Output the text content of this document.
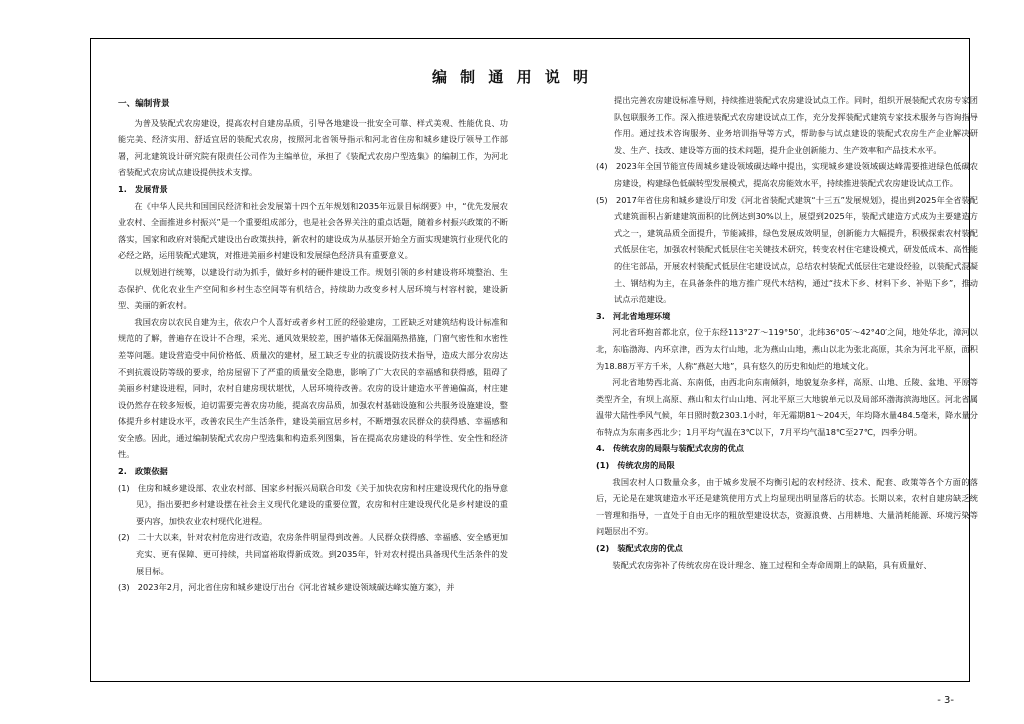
编 制 通 用 说 明

一、编制背景

为普及装配式农房建设，提高农村自建房品质，引导各地建设一批安全可靠、样式美观、性能优良、功能完美、经济实用、舒适宜居的装配式农房，按照河北省领导指示和河北省住房和城乡建设厅领导工作部署，河北建筑设计研究院有限责任公司作为主编单位，承担了《装配式农房户型选集》的编制工作，为河北省装配式农房试点建设提供技术支撑。

1.　发展背景

在《中华人民共和国国民经济和社会发展第十四个五年规划和2035年远景目标纲要》中，“优先发展农业农村、全面推进乡村振兴”是一个重要组成部分，也是社会各界关注的重点话题，随着乡村振兴政策的不断落实，国家和政府对装配式建设出台政策扶持，新农村的建设成为从基层开始全方面实现建筑行业现代化的必经之路，运用装配式建筑，对推进美丽乡村建设和发展绿色经济具有重要意义。

以规划进行统筹，以建设行动为抓手，做好乡村的硬件建设工作。规划引领的乡村建设将环境整治、生态保护、优化农业生产空间和乡村生态空间等有机结合，持续助力改变乡村人居环境与村容村貌，建设新型、美丽的新农村。

我国农房以农民自建为主，依农户个人喜好或者乡村工匠的经验建房，工匠缺乏对建筑结构设计标准和规范的了解，普遍存在设计不合理，采光、通风效果较差，围护墙体无保温隔热措施，门窗气密性和水密性差等问题。建设营造受中间价格低、质量次的建材，屋工缺乏专业的抗震设防技术指导，造成大部分农房达不到抗震设防等级的要求，给房屋留下了严重的质量安全隐患，影响了广大农民的幸福感和获得感，阻碍了美丽乡村建设进程，同时，农村自建房现状堪忧，人居环境待改善。农房的设计建造水平普遍偏高，村庄建设仍然存在较多短板，迫切需要完善农房功能，提高农房品质，加强农村基础设施和公共服务设施建设，整体提升乡村建设水平，改善农民生产生活条件，建设美丽宜居乡村，不断增强农民群众的获得感、幸福感和安全感。因此，通过编制装配式农房户型选集和构造系列图集，旨在提高农房建设的科学性、安全性和经济性。

2.　政策依据

(1)　住房和城乡建设部、农业农村部、国家乡村振兴局联合印发《关于加快农房和村庄建设现代化的指导意见》，指出要把乡村建设摆在社会主义现代化建设的重要位置，农房和村庄建设现代化是乡村建设的重要内容，加快农业农村现代化进程。

(2)　二十大以来，针对农村危房进行改造，农房条件明显得到改善。人民群众获得感、幸福感、安全感更加充实、更有保障、更可持续，共同富裕取得新成效。到2035年，针对农村提出具备现代生活条件的发展目标。

(3)　2023年2月，河北省住房和城乡建设厅出台《河北省城乡建设领域碳达峰实施方案》，并

提出完善农房建设标准导则，持续推进装配式农房建设试点工作。同时，组织开展装配式农房专家团队包联服务工作。深入推进装配式农房建设试点工作，充分发挥装配式建筑专家技术服务与咨询指导作用。通过技术咨询服务、业务培训指导等方式，帮助参与试点建设的装配式农房生产企业解决研发、生产、技改、建设等方面的技术问题，提升企业创新能力、生产效率和产品技术水平。

(4)　2023年全国节能宣传周城乡建设领域碳达峰中提出，实现城乡建设领域碳达峰需要推进绿色低碳农房建设，构建绿色低碳转型发展模式，提高农房能效水平，持续推进装配式农房建设试点工作。

(5)　2017年省住房和城乡建设厅印发《河北省装配式建筑“十三五”发展规划》，提出到2025年全省装配式建筑面积占新建建筑面积的比例达到30%以上，展望到2025年，装配式建造方式成为主要建造方式之一，建筑品质全面提升，节能减排，绿色发展成效明显，创新能力大幅提升，积极探索农村装配式低层住宅，加强农村装配式低层住宅关键技术研究，转变农村住宅建设模式，研发低成本、高性能的住宅部品，开展农村装配式低层住宅建设试点，总结农村装配式低层住宅建设经验，以装配式混凝土、钢结构为主，在具备条件的地方推广现代木结构，通过“技术下乡、材料下乡、补贴下乡”，推动试点示范建设。

3.　河北省地理环境

河北省环抱首都北京，位于东经113°27′～119°50′，北纬36°05′～42°40′之间，地处华北，漳河以北，东临渤海、内环京津，西为太行山地，北为燕山山地，燕山以北为张北高原，其余为河北平原，面积为18.88万平方千米，人称“燕赵大地”，具有悠久的历史和灿烂的地域文化。

河北省地势西北高、东南低，由西北向东南倾斜，地貌复杂多样，高原、山地、丘陵、盆地、平原等类型齐全，有坝上高原、燕山和太行山山地、河北平原三大地貌单元以及局部环渤海滨海地区。河北省属温带大陆性季风气候，年日照时数2303.1小时，年无霜期81～204天，年均降水量484.5毫米，降水量分布特点为东南多西北少；1月平均气温在3℃以下，7月平均气温18℃至27℃，四季分明。

4.　传统农房的局限与装配式农房的优点

(1)　传统农房的局限

我国农村人口数量众多，由于城乡发展不均衡引起的农村经济、技术、配套、政策等各个方面的落后，无论是在建筑建造水平还是建筑使用方式上均显现出明显落后的状态。长期以来，农村自建房缺乏统一管理和指导，一直处于自由无序的粗放型建设状态，资源浪费、占用耕地、大量消耗能源、环境污染等问题层出不穷。

(2)　装配式农房的优点

装配式农房弥补了传统农房在设计理念、施工过程和全寿命周期上的缺陷，具有质量好、

- 3-
